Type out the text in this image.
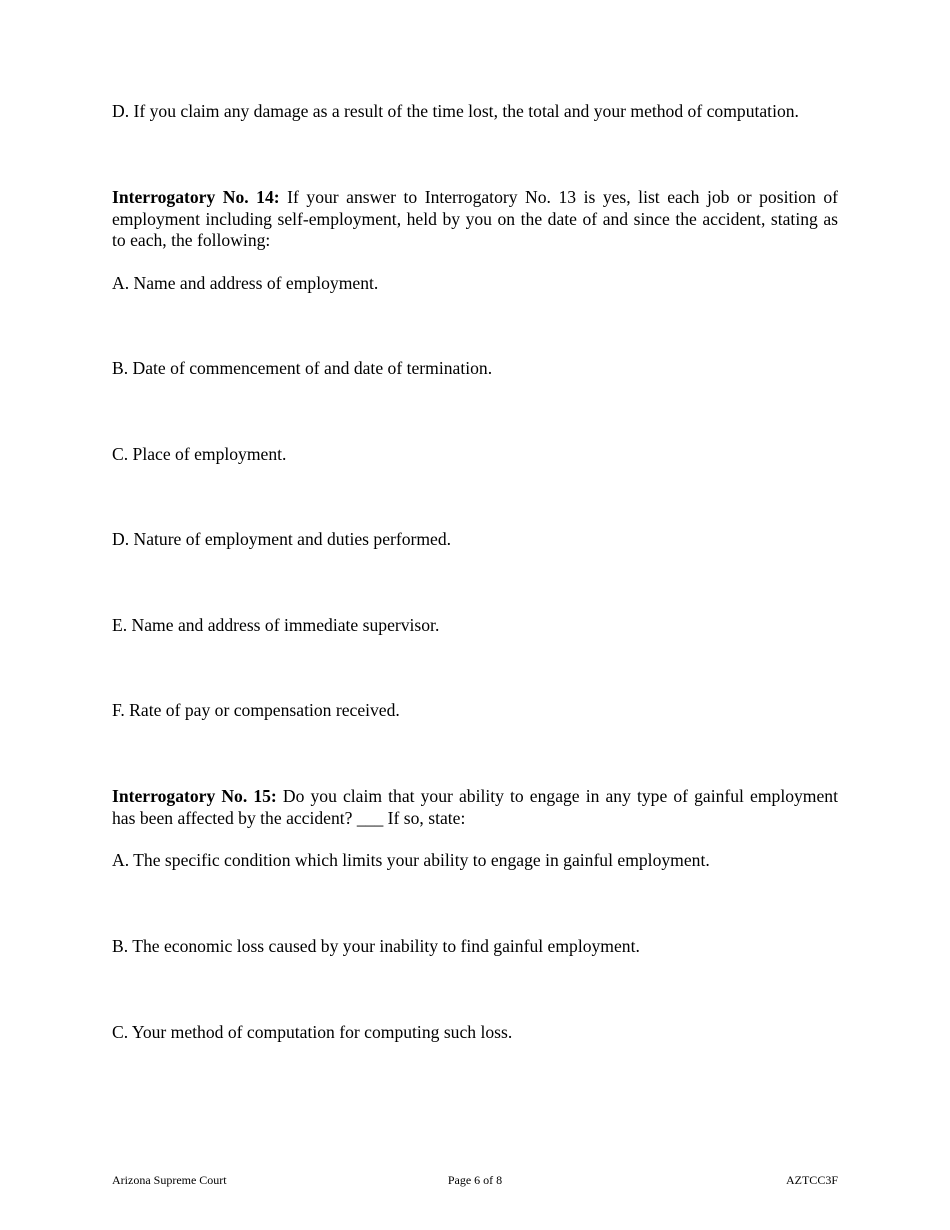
D. If you claim any damage as a result of the time lost, the total and your method of computation.

Interrogatory No. 14: If your answer to Interrogatory No. 13 is yes, list each job or position of employment including self-employment, held by you on the date of and since the accident, stating as to each, the following:

A. Name and address of employment.
B. Date of commencement of and date of termination.
C. Place of employment.
D. Nature of employment and duties performed.
E. Name and address of immediate supervisor.
F. Rate of pay or compensation received.

Interrogatory No. 15: Do you claim that your ability to engage in any type of gainful employment has been affected by the accident? ___ If so, state:

A. The specific condition which limits your ability to engage in gainful employment.
B. The economic loss caused by your inability to find gainful employment.
C. Your method of computation for computing such loss.
Arizona Supreme Court	Page 6 of 8	AZTCC3F
